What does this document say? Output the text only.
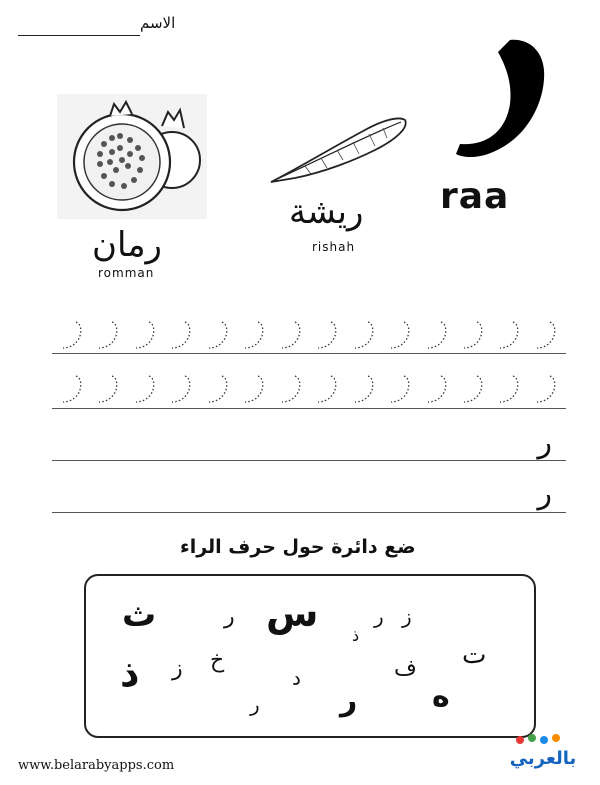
الاسم
raa
رمان
romman
ريشة
rishah
ر
ر
ضع دائرة حول حرف الراء
ث	ر س
ذ
ر ز
ز
ذ
خ
د	ف ت
ر	ر ه
www.belarabyapps.com	بالعربي
